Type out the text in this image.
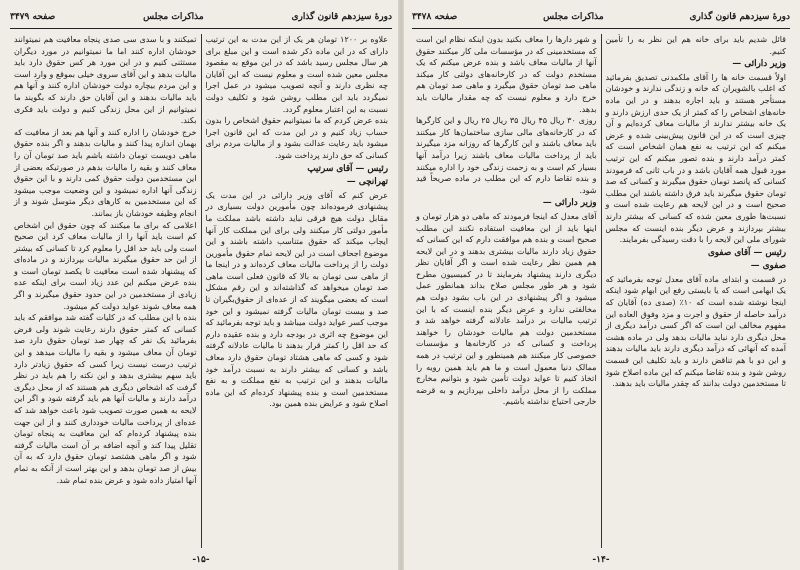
دورهٔ سیزدهم قانون گذاری
مذاکرات مجلس
صفحه ۳۴۷۹

علاوه بر ۱۲۰۰ تومان هر یک از این مدت به این ترتیب دارای که در این ماده ذکر شده است و این مبلغ برای هر سال مجلس رسید باشد که در این موقع به مقصود مجلس معین شده است و معلوم نیست که این آقایان چه نظری دارند و آنچه تصویب میشود در عمل اجرا نمیگردد باید این مطلب روشن شود و تکلیف دولت نسبت به این اعتبار معلوم گردد.

بنده عرض کردم که ما نمیتوانیم حقوق اشخاص را بدون حساب زیاد کنیم و در این مدت که این قانون اجرا میشود باید رعایت عدالت بشود و از مالیات مردم برای کسانی که حق دارند پرداخت شود.

رئیس — آقای سرتیپ
تهرانچی —

عرض کنم که آقای وزیر دارائی در این مدت یک پیشنهادی فرموده‌اند چون مأمورین دولت بسیاری در مقابل دولت هیچ فرقی نباید داشته باشد مملکت ما مأمور دولتی کار میکنند ولی برای این مملکت کار آنها ایجاب میکند که حقوق متناسب داشته باشند و این موضوع اجحاف است در این لایحه تمام حقوق مأمورین دولت را از پرداخت مالیات معاف کرده‌اند و در اینجا ما از ماهی سی تومان به بالا که قانون فعلی است ماهی صد تومان میخواهد که گذاشته‌اند و این رقم مشکل است که بعضی میگویند که از عده‌ای از حقوق‌بگیران تا صد و بیست تومان مالیات گرفته نمیشود و این خود موجب کسر عواید دولت میباشد و باید توجه بفرمائید که این موضوع چه اثری در بودجه دارد و بنده عقیده دارم که حد اقل را کمتر قرار بدهند تا مالیات عادلانه گرفته شود و کسی که ماهی هشتاد تومان حقوق دارد معاف باشد و کسانی که بیشتر دارند به نسبت درآمد خود مالیات بدهند و این ترتیب به نفع مملکت و به نفع مستخدمین است و بنده پیشنهاد کرده‌ام که این ماده اصلاح شود و عرایض بنده همین بود.

تمیکنند و با سدی سی صدی پنجاه معافیت هم نمیتوانند خودشان اداره کنند اما ما نمیتوانیم در مورد دیگران مستثنی کنیم و در این مورد هر کس حقوق دارد باید مالیات بدهد و این آقای سروی خیلی بموقع و وارد است و این مردم بیچاره دولت خودشان اداره کنند و آنها هم باید مالیات بدهند و این آقایان حق دارند که بگویند ما نمیتوانیم از این محل زندگی کنیم و دولت باید فکری بکند.

خرج خودشان را اداره کنند و آنها هم بعد از معافیت که بهمان اندازه پیدا کنند و مالیات بدهند و اگر بنده حقوق ماهی دویست تومان داشته باشم باید صد تومان آن را معاف کنند و بقیه را مالیات بدهم در صورتیکه بعضی از این مستخدمین دولت حقوق کمی دارند و با این حقوق زندگی آنها اداره نمیشود و این وضعیت موجب میشود که این مستخدمین به کارهای دیگر متوسل شوند و از انجام وظیفه خودشان باز بمانند.

اعلامی که برای ما میکنند که چون حقوق این اشخاص کم است باید آنها را از مالیات معاف کرد این صحیح است ولی باید حد اقل را معلوم کرد تا کسانی که بیشتر از این حد حقوق میگیرند مالیات بپردازند و در ماده‌ای که پیشنهاد شده است معافیت تا یکصد تومان است و بنده عرض میکنم این عدد زیاد است برای اینکه عده زیادی از مستخدمین در این حدود حقوق میگیرند و اگر همه معاف شوند عواید دولت کم میشود.

بنده با این مطلب که در کلیات گفته شد موافقم که باید کسانی که کمتر حقوق دارند رعایت شوند ولی فرض بفرمائید یک نفر که چهار صد تومان حقوق دارد صد تومان آن معاف میشود و بقیه را مالیات میدهد و این ترتیب درست نیست زیرا کسی که حقوق زیادتر دارد باید سهم بیشتری بدهد و این نکته را هم باید در نظر گرفت که اشخاص دیگری هم هستند که از محل دیگری درآمد دارند و مالیات آنها هم باید گرفته شود و اگر این لایحه به همین صورت تصویب شود باعث خواهد شد که عده‌ای از پرداخت مالیات خودداری کنند و از این جهت بنده پیشنهاد کرده‌ام که این معافیت به پنجاه تومان تقلیل پیدا کند و آنچه اضافه بر آن است مالیات گرفته شود و اگر ماهی هشتصد تومان حقوق دارد که به آن بیش از صد تومان بدهد و این بهتر است از آنکه به تمام آنها امتیاز داده شود و عرض بنده تمام شد.

-۱۵-
دورهٔ سیزدهم قانون گذاری
مذاکرات مجلس
صفحه ۳۴۷۸

قائل شدیم باید برای خانه هم این نظر به را تأمین کنیم.

وزیر دارائی —

اولاً قسمت خانه ها را آقای ملکمدنی تصدیق بفرمائید که اغلب بالشویران که خانه و زندگی ندارند و خودشان مستأجر هستند و باید اجاره بدهند و در این ماده خانه‌های اشخاص را که کمتر از یک حدی ارزش دارند و یک خانه بیشتر ندارند از مالیات معاف کرده‌ایم و آن چیزی است که در این قانون پیش‌بینی شده و عرض میکنم که این ترتیب به نفع همان اشخاص است که کمتر درآمد دارند و بنده تصور میکنم که این ترتیب مورد قبول همه آقایان باشد و در باب ثانی که فرمودند کسانی که پانصد تومان حقوق میگیرند و کسانی که صد تومان حقوق میگیرند باید فرق داشته باشند این مطلب صحیح است و در این لایحه هم رعایت شده است و نسبت‌ها طوری معین شده که کسانی که بیشتر دارند بیشتر بپردازند و عرض دیگر بنده اینست که مجلس شورای ملی این لایحه را با دقت رسیدگی بفرمایند.

رئیس — آقای صفوی
صفوی —

در قسمت و ابتدای ماده آقای معدل توجه بفرمائید که یک ابهامی است که یا بایستی رفع این ابهام شود اینکه اینجا نوشته شده است که ۱۰٪ (صدی ده) آقایان که درآمد حاصله از حقوق و اجرت و مزد وفوق العاده این مفهوم مخالف این است که اگر کسی درآمد دیگری از محل دیگری دارد نباید مالیات بدهد ولی در ماده هشت آمده که آنهائی که درآمد دیگری دارند باید مالیات بدهند و این دو با هم تناقض دارند و باید تکلیف این قسمت روشن شود و بنده تقاضا میکنم که این ماده اصلاح شود تا مستخدمین دولت بدانند که چقدر مالیات باید بدهند.

و شهر دارها را معاف بکنید بدون اینکه نظام این است که مستخدمینی که در مؤسسات ملی کار میکنند حقوق آنها از مالیات معاف باشد و بنده عرض میکنم که یک مستخدم دولت که در کارخانه‌های دولتی کار میکند ماهی صد تومان حقوق میگیرد و ماهی صد تومان هم خرج دارد و معلوم نیست که چه مقدار مالیات باید بدهد.

روزی ۳۰ ریال ۴۵ ریال ۳۵ ریال ۲۵ ریال و این کارگرها که در کارخانه‌های مالی سازی ساختمان‌ها کار میکنند باید معاف باشند و این کارگرها که روزانه مزد میگیرند باید از پرداخت مالیات معاف باشند زیرا درآمد آنها بسیار کم است و به زحمت زندگی خود را اداره میکنند و بنده تقاضا دارم که این مطلب در ماده صریحاً قید شود.

وزیر دارائی —

آقای معدل که اینجا فرمودند که ماهی دو هزار تومان و اینها باید از این معافیت استفاده نکنند این مطلب صحیح است و بنده هم موافقت دارم که این کسانی که حقوق زیاد دارند مالیات بیشتری بدهند و در این لایحه هم همین نظر رعایت شده است و اگر آقایان نظر دیگری دارند پیشنهاد بفرمایند تا در کمیسیون مطرح شود و هر طور مجلس صلاح بداند همانطور عمل میشود و اگر پیشنهادی در این باب بشود دولت هم مخالفتی ندارد و عرض دیگر بنده اینست که با این ترتیب مالیات بر درآمد عادلانه گرفته خواهد شد و مستخدمین دولت هم مالیات خودشان را خواهند پرداخت و کسانی که در کارخانه‌ها و مؤسسات خصوصی کار میکنند هم همینطور و این ترتیب در همه ممالک دنیا معمول است و ما هم باید همین رویه را اتخاذ کنیم تا عواید دولت تأمین شود و بتوانیم مخارج مملکت را از محل درآمد داخلی بپردازیم و به قرضه خارجی احتیاج نداشته باشیم.

-۱۴-
